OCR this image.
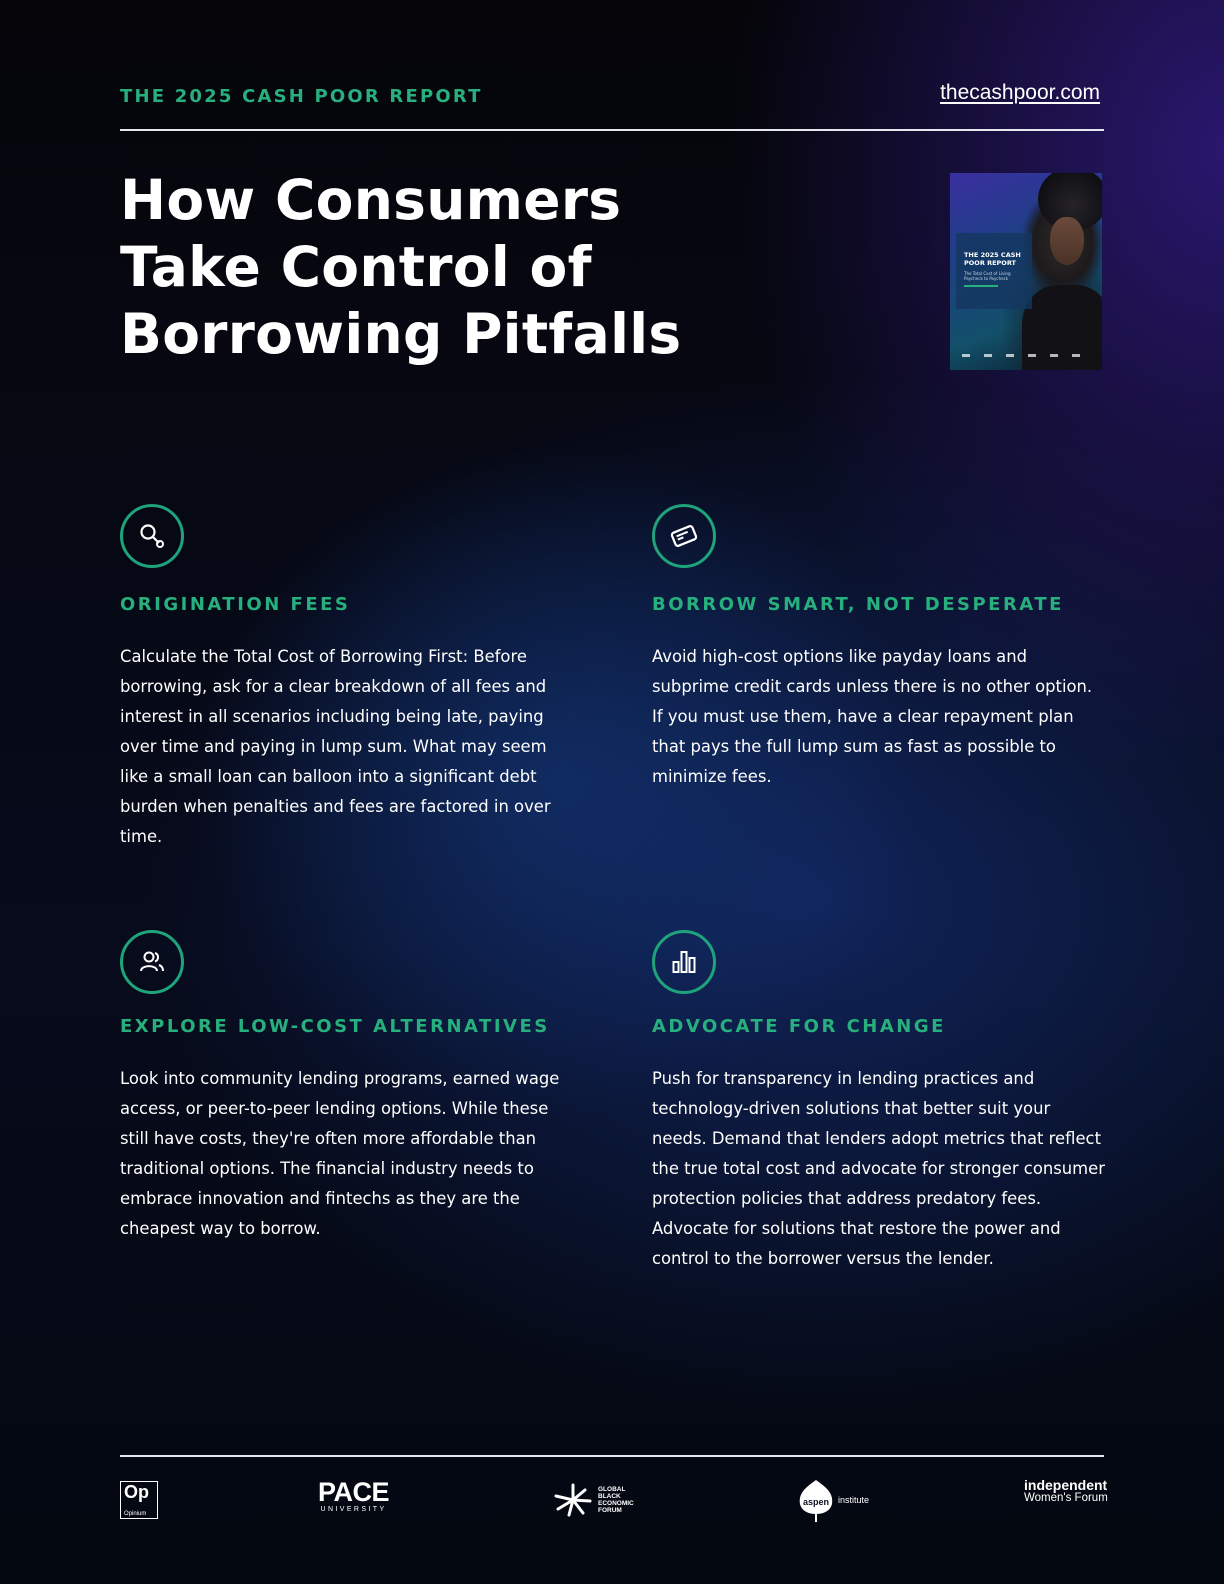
THE 2025 CASH POOR REPORT	thecashpoor.com
How Consumers
Take Control of
Borrowing Pitfalls
THE 2025 CASH
POOR REPORT
The Total Cost of Living Paycheck to Paycheck
ORIGINATION FEES

Calculate the Total Cost of Borrowing First: Before borrowing, ask for a clear breakdown of all fees and interest in all scenarios including being late, paying over time and paying in lump sum. What may seem like a small loan can balloon into a significant debt burden when penalties and fees are factored in over time.

BORROW SMART, NOT DESPERATE

Avoid high-cost options like payday loans and subprime credit cards unless there is no other option. If you must use them, have a clear repayment plan that pays the full lump sum as fast as possible to minimize fees.

EXPLORE LOW-COST ALTERNATIVES

Look into community lending programs, earned wage access, or peer-to-peer lending options. While these still have costs, they're often more affordable than traditional options. The financial industry needs to embrace innovation and fintechs as they are the cheapest way to borrow.

ADVOCATE FOR CHANGE

Push for transparency in lending practices and technology-driven solutions that better suit your needs. Demand that lenders adopt metrics that reflect the true total cost and advocate for stronger consumer protection policies that address predatory fees. Advocate for solutions that restore the power and control to the borrower versus the lender.

Op
Opinium
PACE
UNIVERSITY
GLOBAL
BLACK
ECONOMIC
FORUM
aspen institute
independent
Women's Forum
